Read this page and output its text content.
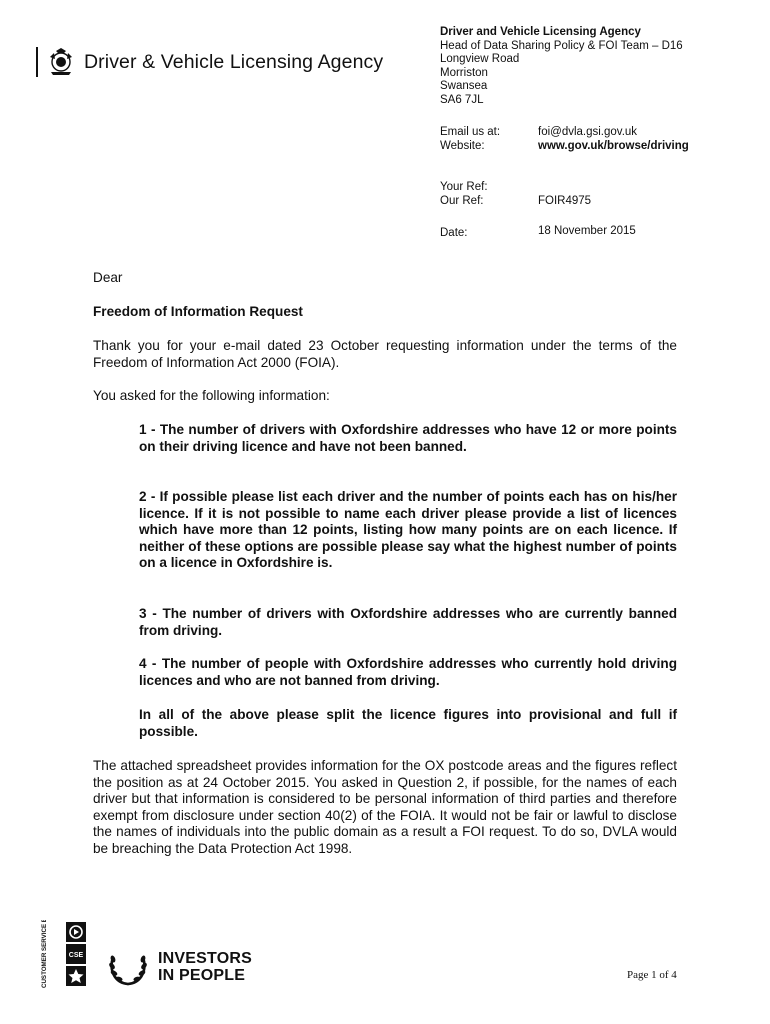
Driver & Vehicle Licensing Agency
Driver and Vehicle Licensing Agency
Head of Data Sharing Policy & FOI Team – D16
Longview Road
Morriston
Swansea
SA6 7JL
Email us at:	foi@dvla.gsi.gov.uk
Website:	www.gov.uk/browse/driving
Your Ref:
Our Ref:	FOIR4975
Date:	18 November 2015
Dear
Freedom of Information Request
Thank you for your e-mail dated 23 October requesting information under the terms of the Freedom of Information Act 2000 (FOIA).
You asked for the following information:
1 - The number of drivers with Oxfordshire addresses who have 12 or more points on their driving licence and have not been banned.
2 - If possible please list each driver and the number of points each has on his/her licence. If it is not possible to name each driver please provide a list of licences which have more than 12 points, listing how many points are on each licence. If neither of these options are possible please say what the highest number of points on a licence in Oxfordshire is.
3 - The number of drivers with Oxfordshire addresses who are currently banned from driving.
4 - The number of people with Oxfordshire addresses who currently hold driving licences and who are not banned from driving.
In all of the above please split the licence figures into provisional and full if possible.
The attached spreadsheet provides information for the OX postcode areas and the figures reflect the position as at 24 October 2015. You asked in Question 2, if possible, for the names of each driver but that information is considered to be personal information of third parties and therefore exempt from disclosure under section 40(2) of the FOIA. It would not be fair or lawful to disclose the names of individuals into the public domain as a result a FOI request. To do so, DVLA would be breaching the Data Protection Act 1998.
CUSTOMER SERVICE EXCELLENCE	CSE	INVESTORS
IN PEOPLE	Page 1 of 4
